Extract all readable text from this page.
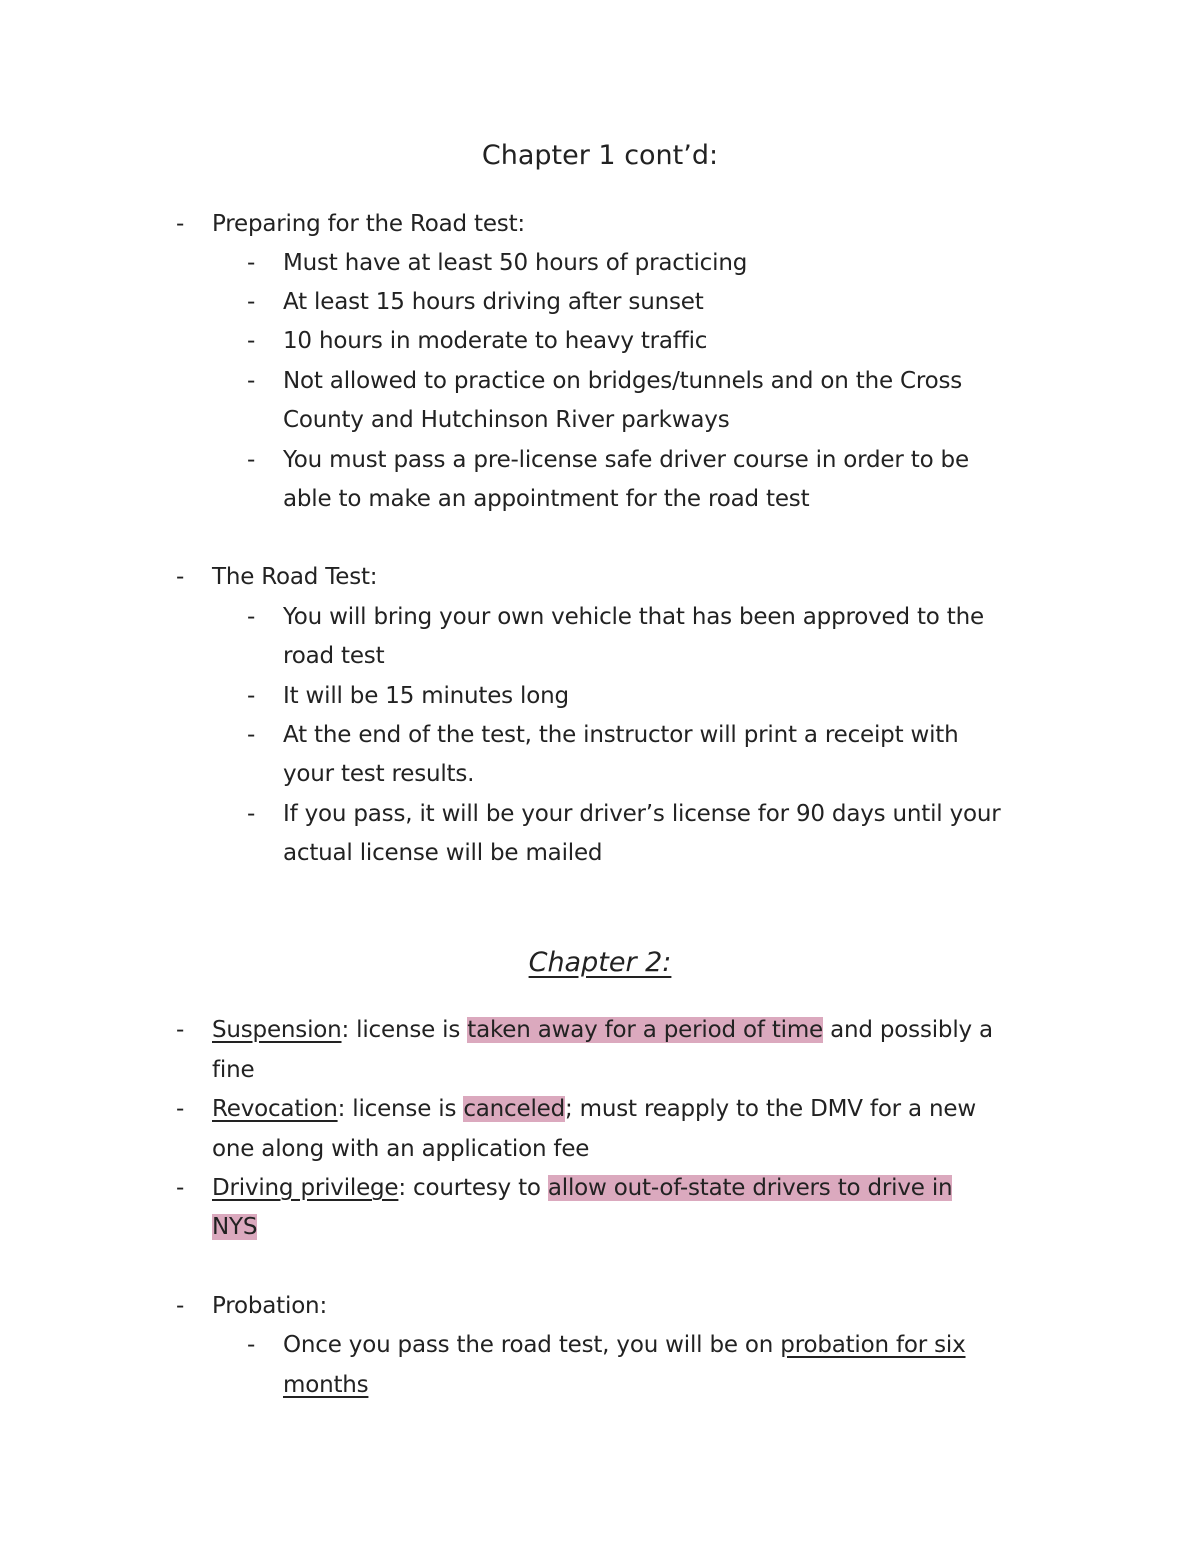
Chapter 1 cont’d:
- Preparing for the Road test:
- Must have at least 50 hours of practicing
- At least 15 hours driving after sunset
- 10 hours in moderate to heavy traffic
- Not allowed to practice on bridges/tunnels and on the Cross
County and Hutchinson River parkways
- You must pass a pre-license safe driver course in order to be
able to make an appointment for the road test
- The Road Test:
- You will bring your own vehicle that has been approved to the
road test
- It will be 15 minutes long
- At the end of the test, the instructor will print a receipt with
your test results.
- If you pass, it will be your driver’s license for 90 days until your
actual license will be mailed
Chapter 2:
- Suspension: license is taken away for a period of time and possibly a
fine
- Revocation: license is canceled; must reapply to the DMV for a new
one along with an application fee
- Driving privilege: courtesy to allow out-of-state drivers to drive in
NYS
- Probation:
- Once you pass the road test, you will be on probation for six
months
